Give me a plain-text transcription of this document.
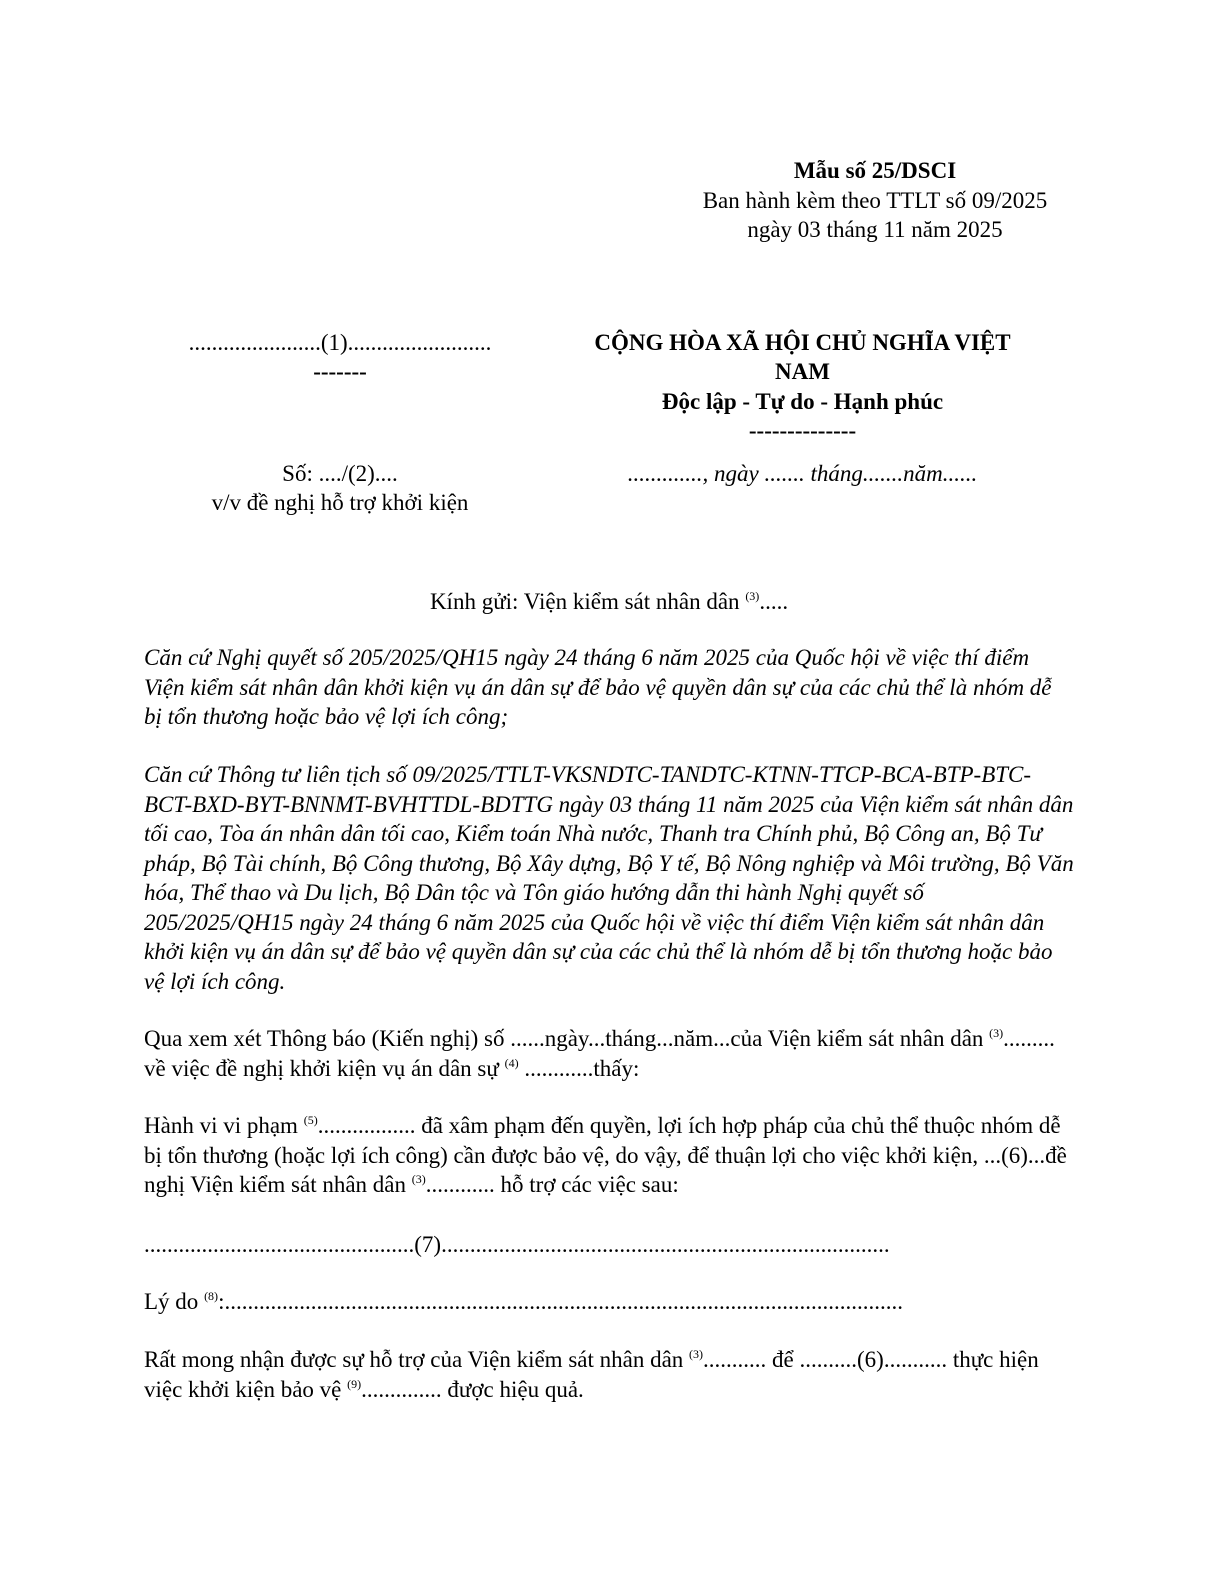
Mẫu số 25/DSCI
Ban hành kèm theo TTLT số 09/2025
ngày 03 tháng 11 năm 2025
.......................(1).........................
-------
Số: ..../(2)....
v/v đề nghị hỗ trợ khởi kiện
CỘNG HÒA XÃ HỘI CHỦ NGHĨA VIỆT
NAM
Độc lập - Tự do - Hạnh phúc
--------------
............., ngày ....... tháng.......năm......
Kính gửi: Viện kiểm sát nhân dân $^{(3)}$.....
Căn cứ Nghị quyết số 205/2025/QH15 ngày 24 tháng 6 năm 2025 của Quốc hội về việc thí điểm Viện kiểm sát nhân dân khởi kiện vụ án dân sự để bảo vệ quyền dân sự của các chủ thể là nhóm dễ bị tổn thương hoặc bảo vệ lợi ích công;
Căn cứ Thông tư liên tịch số 09/2025/TTLT-VKSNDTC-TANDTC-KTNN-TTCP-BCA-BTP-BTC-BCT-BXD-BYT-BNNMT-BVHTTDL-BDTTG ngày 03 tháng 11 năm 2025 của Viện kiểm sát nhân dân tối cao, Tòa án nhân dân tối cao, Kiểm toán Nhà nước, Thanh tra Chính phủ, Bộ Công an, Bộ Tư pháp, Bộ Tài chính, Bộ Công thương, Bộ Xây dựng, Bộ Y tế, Bộ Nông nghiệp và Môi trường, Bộ Văn hóa, Thể thao và Du lịch, Bộ Dân tộc và Tôn giáo hướng dẫn thi hành Nghị quyết số 205/2025/QH15 ngày 24 tháng 6 năm 2025 của Quốc hội về việc thí điểm Viện kiểm sát nhân dân khởi kiện vụ án dân sự để bảo vệ quyền dân sự của các chủ thể là nhóm dễ bị tổn thương hoặc bảo vệ lợi ích công.
Qua xem xét Thông báo (Kiến nghị) số ......ngày...tháng...năm...của Viện kiểm sát nhân dân $^{(3)}$......... về việc đề nghị khởi kiện vụ án dân sự $^{(4)}$ ............thấy:
Hành vi vi phạm $^{(5)}$................. đã xâm phạm đến quyền, lợi ích hợp pháp của chủ thể thuộc nhóm dễ bị tổn thương (hoặc lợi ích công) cần được bảo vệ, do vậy, để thuận lợi cho việc khởi kiện, ...(6)...đề nghị Viện kiểm sát nhân dân $^{(3)}$............ hỗ trợ các việc sau:
...............................................(7)..............................................................................
Lý do $^{(8)}$:......................................................................................................................
Rất mong nhận được sự hỗ trợ của Viện kiểm sát nhân dân $^{(3)}$........... để ..........(6)........... thực hiện việc khởi kiện bảo vệ $^{(9)}$.............. được hiệu quả.
